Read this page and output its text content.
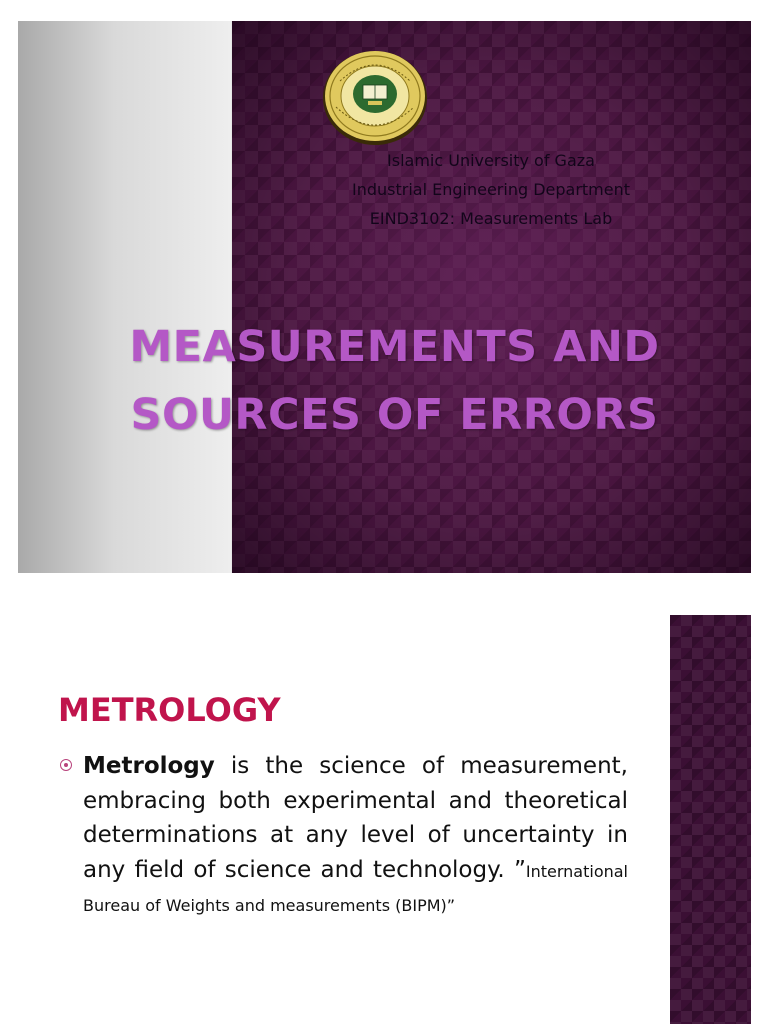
Islamic University of Gaza
Industrial Engineering Department
EIND3102: Measurements Lab
MEASUREMENTS AND
SOURCES OF ERRORS
METROLOGY
Metrology is the science of measurement, embracing both experimental and theoretical determinations at any level of uncertainty in any field of science and technology. ”International Bureau of Weights and measurements (BIPM)”
